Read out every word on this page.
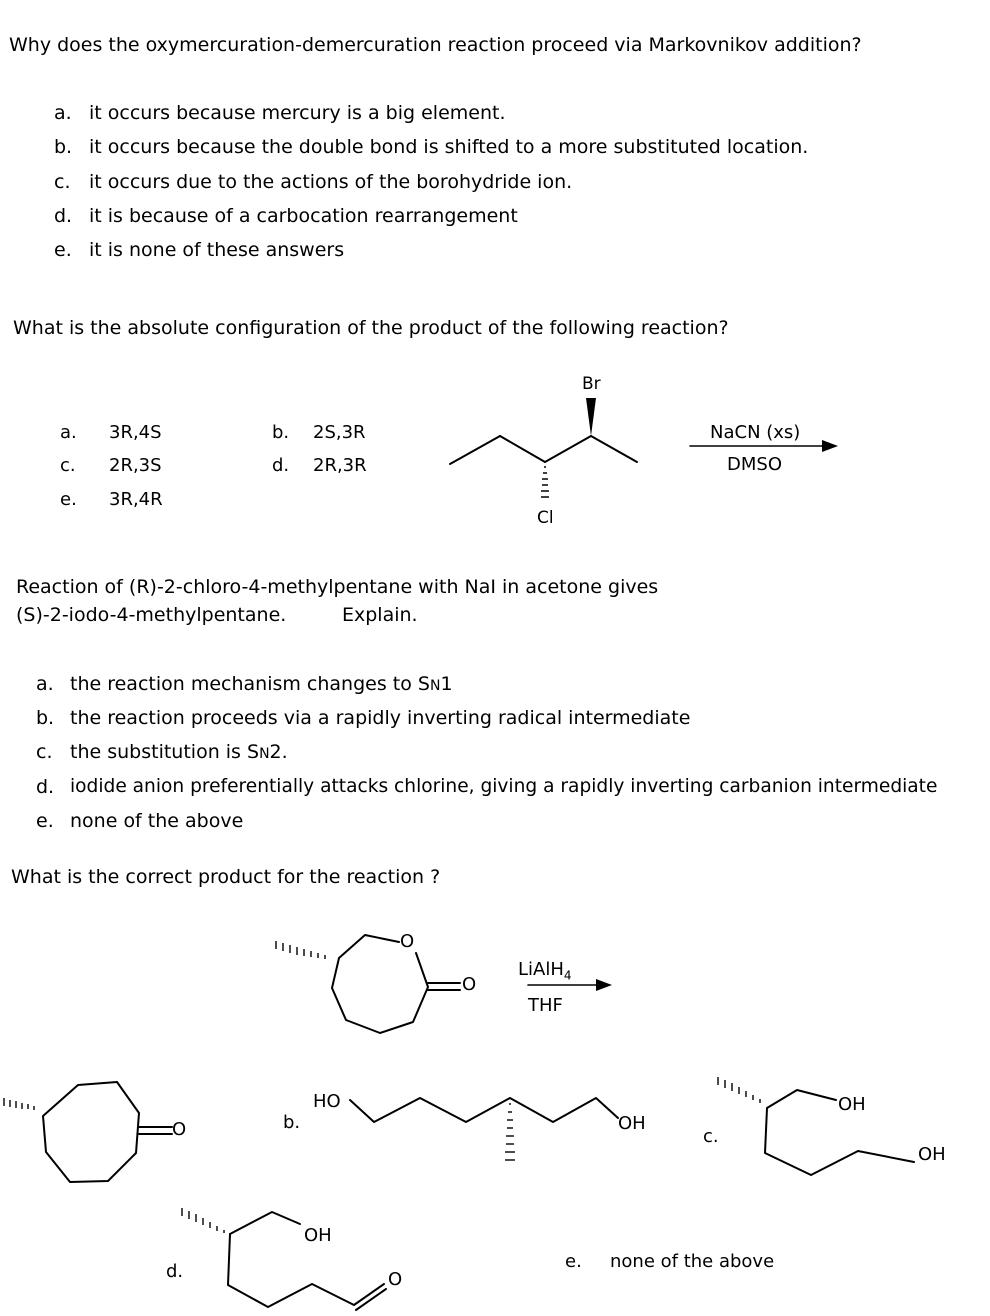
Why does the oxymercuration-demercuration reaction proceed via Markovnikov addition?
a. it occurs because mercury is a big element.
b. it occurs because the double bond is shifted to a more substituted location.
c. it occurs due to the actions of the borohydride ion.
d. it is because of a carbocation rearrangement
e. it is none of these answers
What is the absolute configuration of the product of the following reaction?
a. 3R,4S	b. 2S,3R
c. 2R,3S	d. 2R,3R
e. 3R,4R
Br
Cl
NaCN (xs)
DMSO
Reaction of (R)-2-chloro-4-methylpentane with NaI in acetone gives
(S)-2-iodo-4-methylpentane.	Explain.
a. the reaction mechanism changes to SN1
b. the reaction proceeds via a rapidly inverting radical intermediate
c. the substitution is SN2.
d. iodide anion preferentially attacks chlorine, giving a rapidly inverting carbanion intermediate
e. none of the above
What is the correct product for the reaction ?
O
O
LiAlH$_4$
THF
O	b.
HO
OH
c.
OH
OH
d.
OH
O
e. none of the above
